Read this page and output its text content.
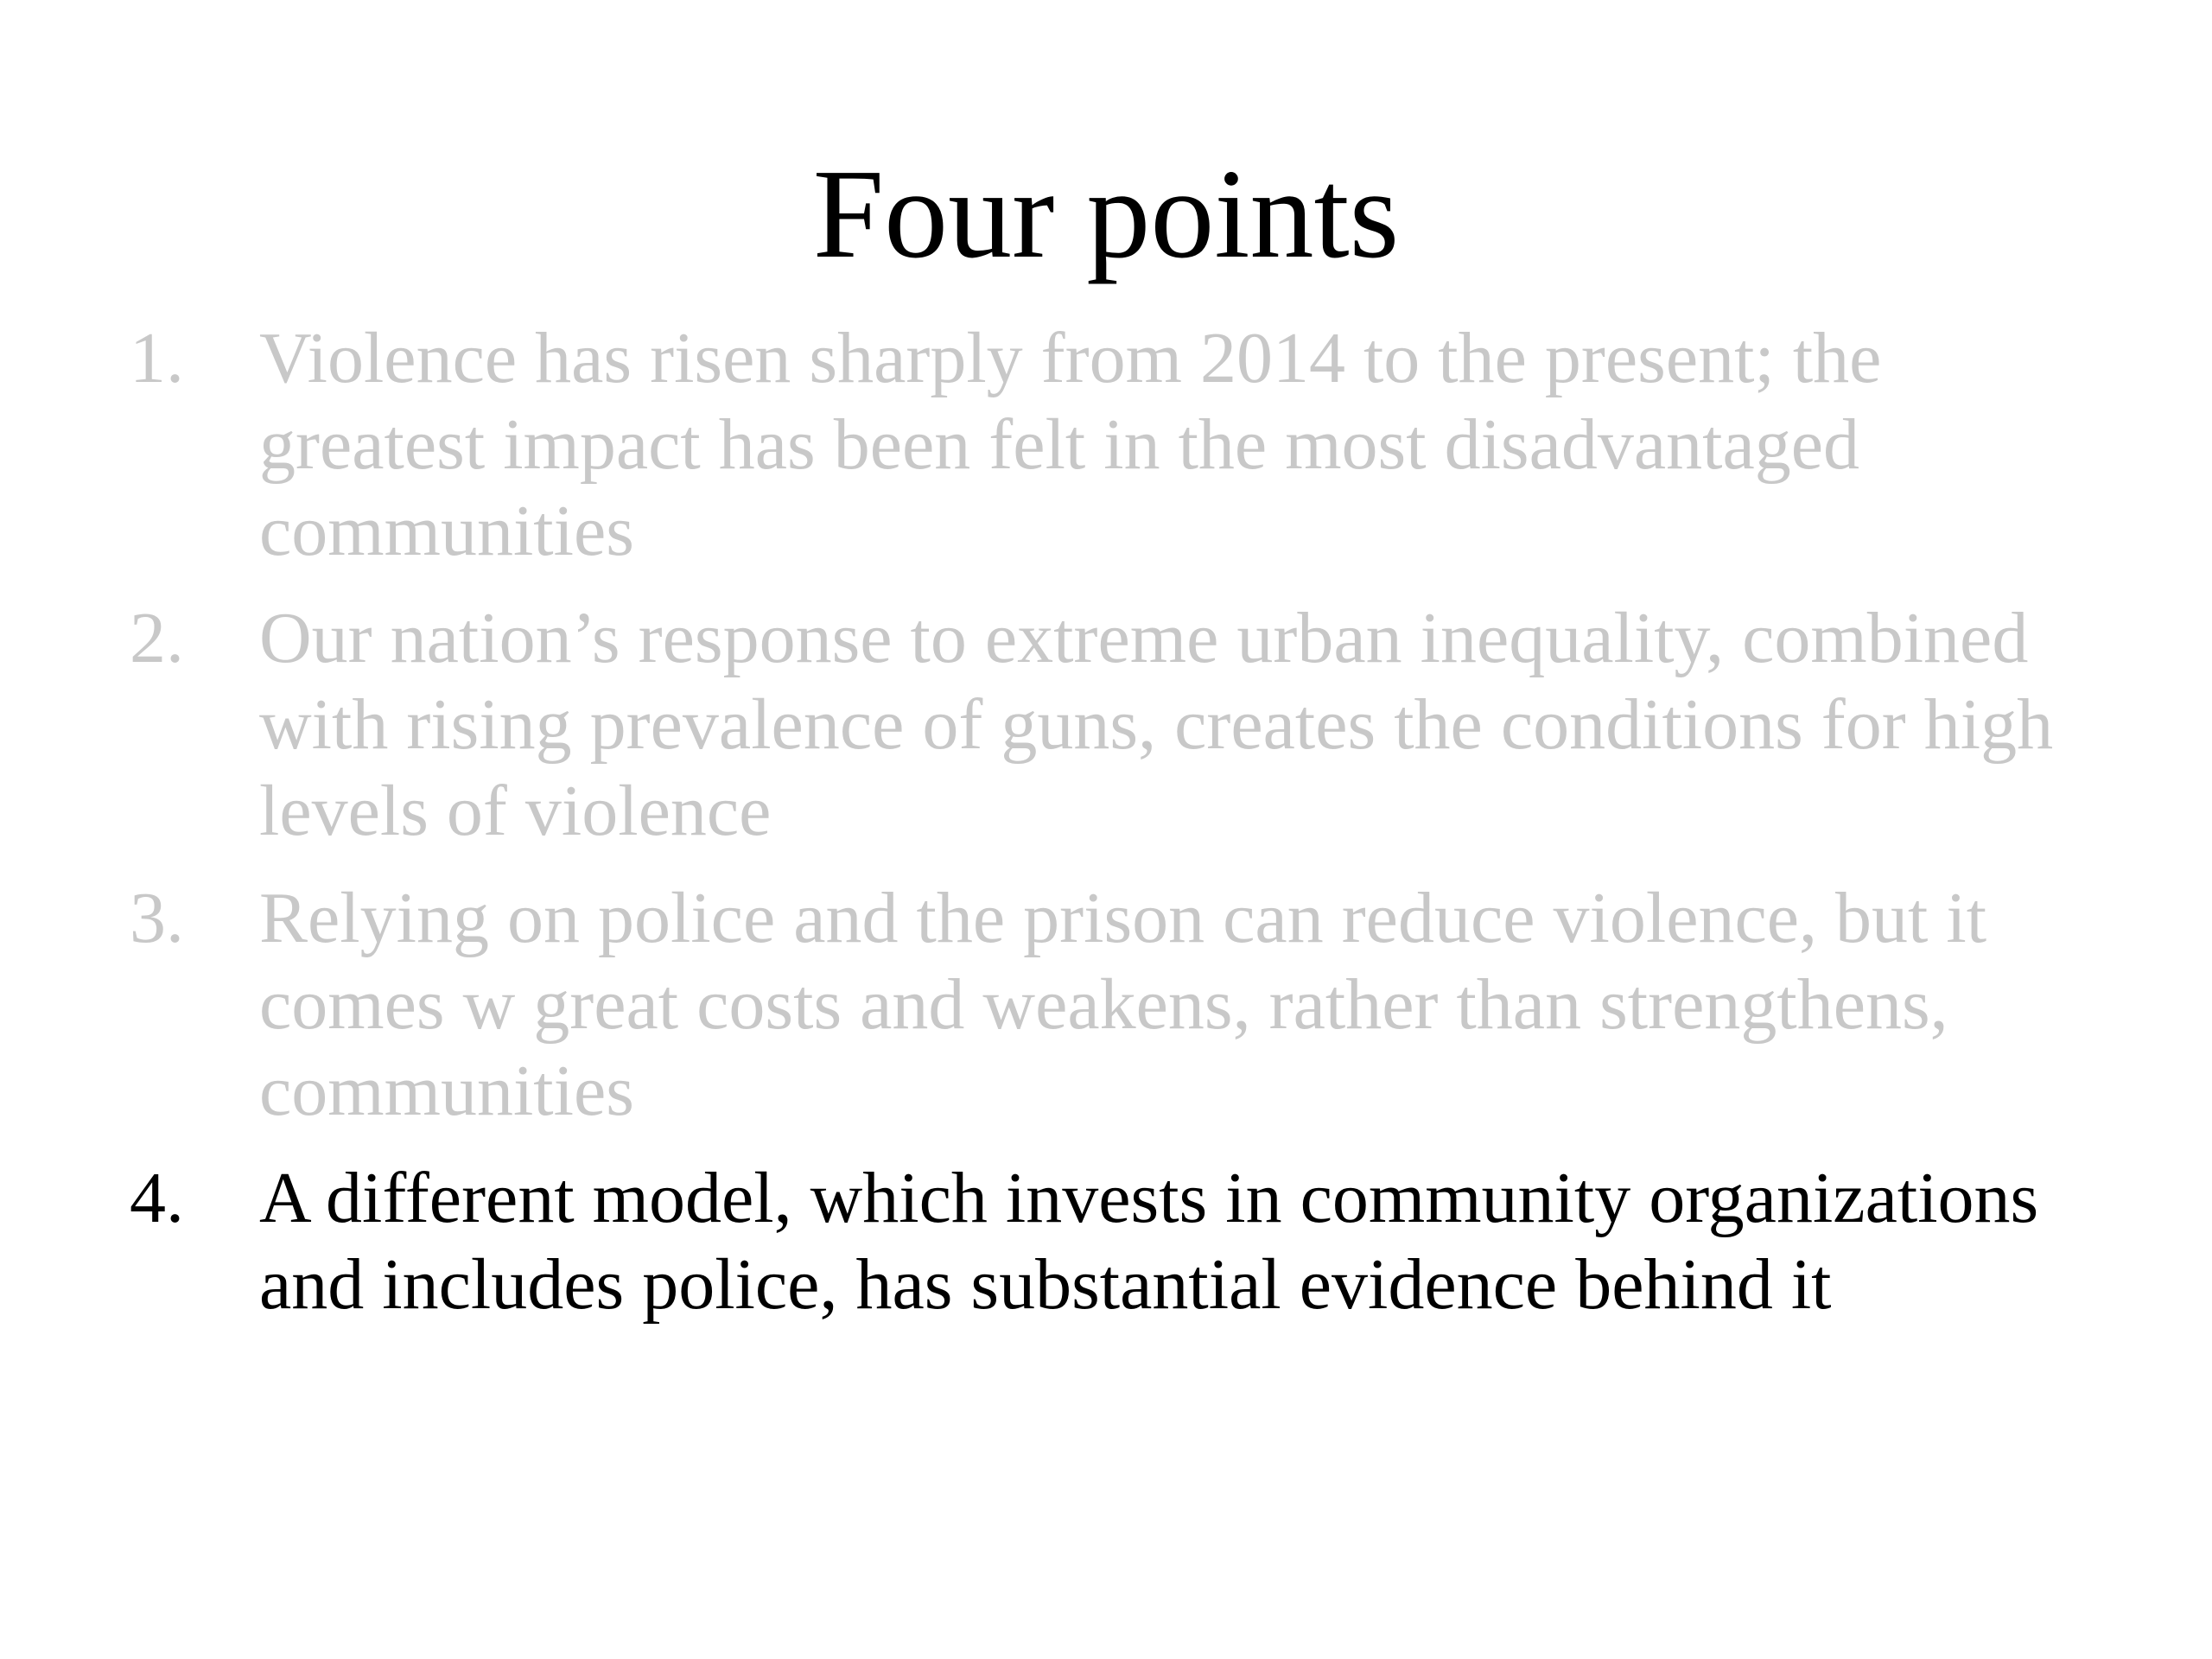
Four points
1. Violence has risen sharply from 2014 to the present; the greatest impact has been felt in the most disadvantaged communities
2. Our nation’s response to extreme urban inequality, combined with rising prevalence of guns, creates the conditions for high levels of violence
3. Relying on police and the prison can reduce violence, but it comes w great costs and weakens, rather than strengthens, communities
4. A different model, which invests in community organizations and includes police, has substantial evidence behind it
